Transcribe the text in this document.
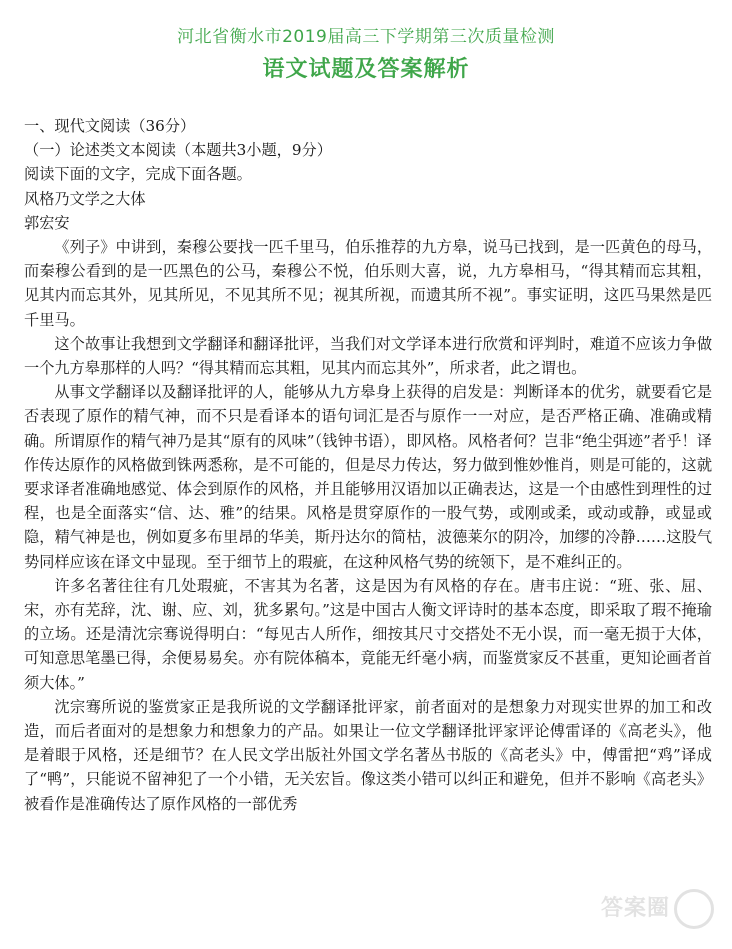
河北省衡水市2019届高三下学期第三次质量检测
语文试题及答案解析

一、现代文阅读（36分）

（一）论述类文本阅读（本题共3小题，9分）

阅读下面的文字，完成下面各题。

风格乃文学之大体

郭宏安

《列子》中讲到，秦穆公要找一匹千里马，伯乐推荐的九方皋，说马已找到，是一匹黄色的母马，而秦穆公看到的是一匹黑色的公马，秦穆公不悦，伯乐则大喜，说，九方皋相马，“得其精而忘其粗，见其内而忘其外，见其所见，不见其所不见；视其所视，而遗其所不视”。事实证明，这匹马果然是匹千里马。

这个故事让我想到文学翻译和翻译批评，当我们对文学译本进行欣赏和评判时，难道不应该力争做一个九方皋那样的人吗？“得其精而忘其粗，见其内而忘其外”，所求者，此之谓也。

从事文学翻译以及翻译批评的人，能够从九方皋身上获得的启发是：判断译本的优劣，就要看它是否表现了原作的精气神，而不只是看译本的语句词汇是否与原作一一对应，是否严格正确、准确或精确。所谓原作的精气神乃是其“原有的风味”（钱钟书语），即风格。风格者何？岂非“绝尘弭迹”者乎！译作传达原作的风格做到铢两悉称，是不可能的，但是尽力传达，努力做到惟妙惟肖，则是可能的，这就要求译者准确地感觉、体会到原作的风格，并且能够用汉语加以正确表达，这是一个由感性到理性的过程，也是全面落实“信、达、雅”的结果。风格是贯穿原作的一股气势，或刚或柔，或动或静，或显或隐，精气神是也，例如夏多布里昂的华美，斯丹达尔的简枯，波德莱尔的阴冷，加缪的冷静……这股气势同样应该在译文中显现。至于细节上的瑕疵，在这种风格气势的统领下，是不难纠正的。

许多名著往往有几处瑕疵，不害其为名著，这是因为有风格的存在。唐韦庄说：“班、张、屈、宋，亦有芜辞，沈、谢、应、刘，犹多累句。”这是中国古人衡文评诗时的基本态度，即采取了瑕不掩瑜的立场。还是清沈宗骞说得明白：“每见古人所作，细按其尺寸交搭处不无小误，而一毫无损于大体，可知意思笔墨已得，余便易易矣。亦有院体稿本，竟能无纤毫小病，而鉴赏家反不甚重，更知论画者首须大体。”

沈宗骞所说的鉴赏家正是我所说的文学翻译批评家，前者面对的是想象力对现实世界的加工和改造，而后者面对的是想象力和想象力的产品。如果让一位文学翻译批评家评论傅雷译的《高老头》，他是着眼于风格，还是细节？在人民文学出版社外国文学名著丛书版的《高老头》中，傅雷把“鸡”译成了“鸭”，只能说不留神犯了一个小错，无关宏旨。像这类小错可以纠正和避免，但并不影响《高老头》被看作是准确传达了原作风格的一部优秀

答案圈
